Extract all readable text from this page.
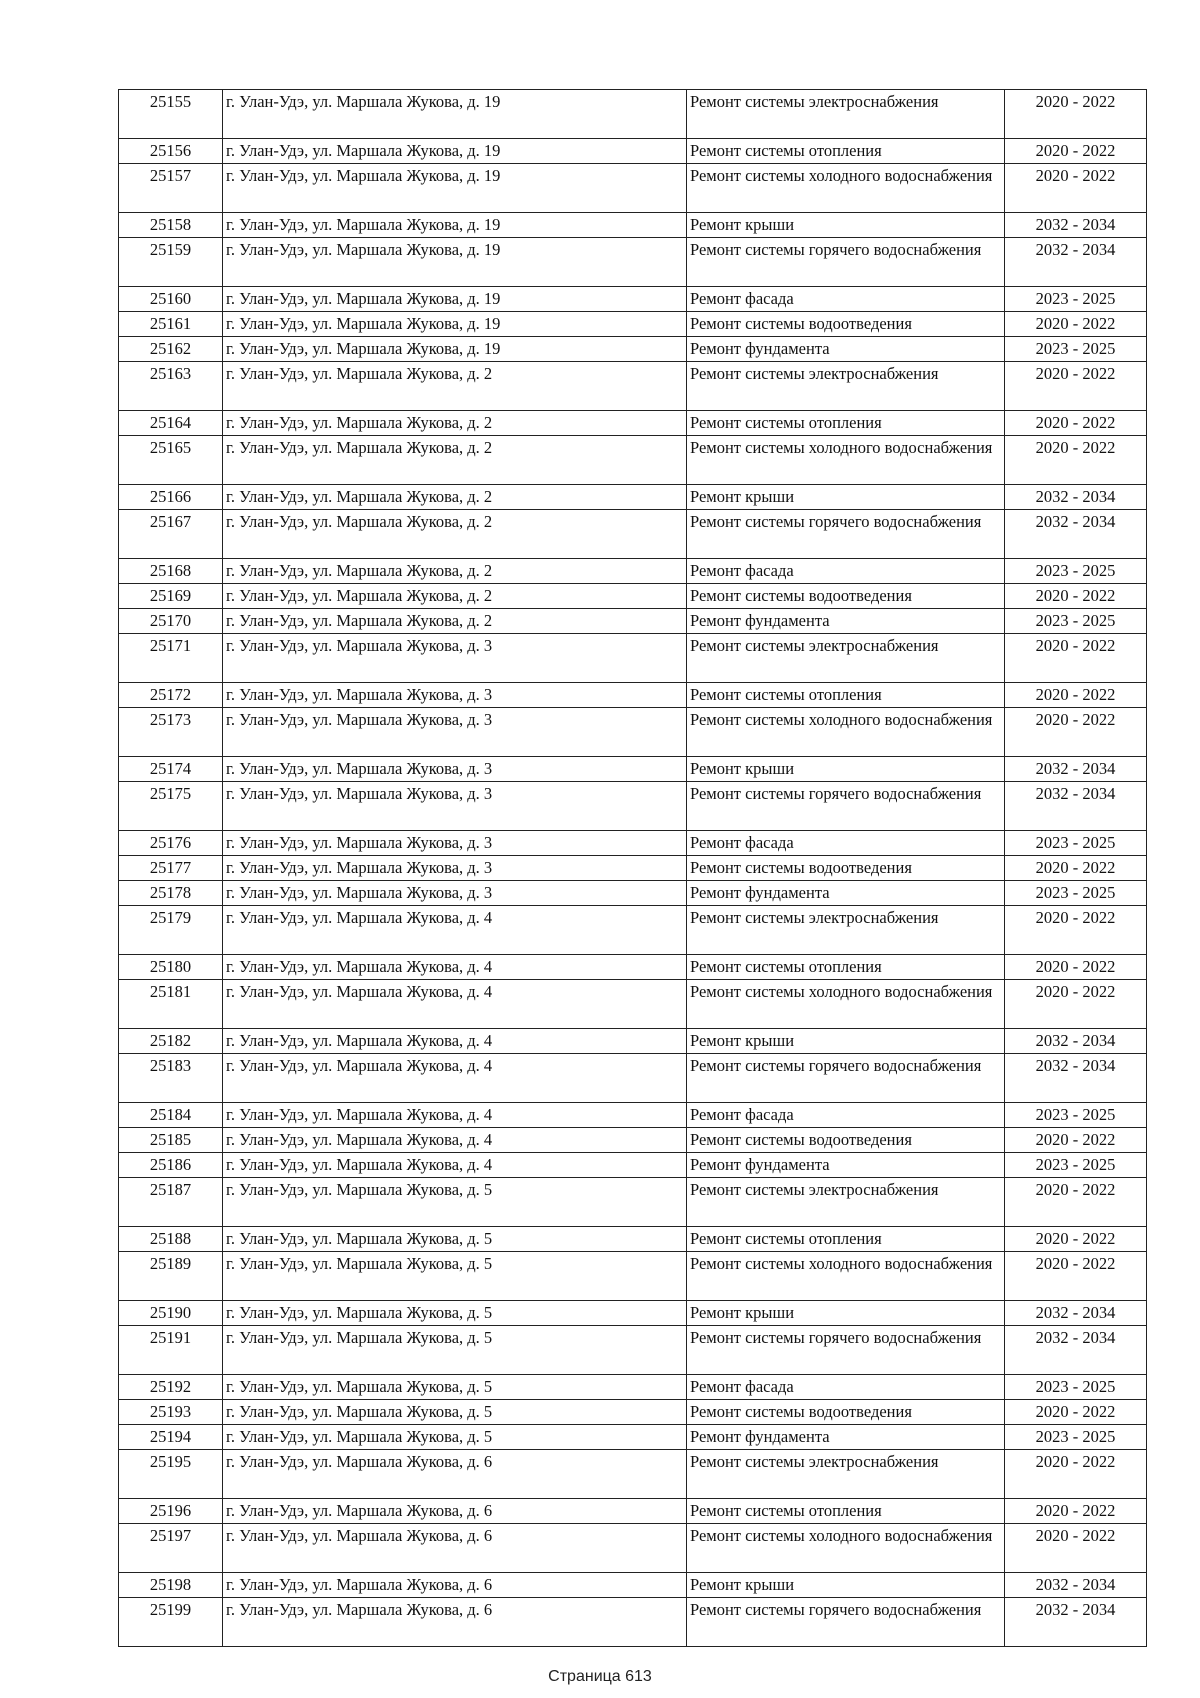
25155	г. Улан-Удэ, ул. Маршала Жукова, д. 19	Ремонт системы электроснабжения	2020 - 2022
25156	г. Улан-Удэ, ул. Маршала Жукова, д. 19	Ремонт системы отопления	2020 - 2022
25157	г. Улан-Удэ, ул. Маршала Жукова, д. 19	Ремонт системы холодного водоснабжения	2020 - 2022
25158	г. Улан-Удэ, ул. Маршала Жукова, д. 19	Ремонт крыши	2032 - 2034
25159	г. Улан-Удэ, ул. Маршала Жукова, д. 19	Ремонт системы горячего водоснабжения	2032 - 2034
25160	г. Улан-Удэ, ул. Маршала Жукова, д. 19	Ремонт фасада	2023 - 2025
25161	г. Улан-Удэ, ул. Маршала Жукова, д. 19	Ремонт системы водоотведения	2020 - 2022
25162	г. Улан-Удэ, ул. Маршала Жукова, д. 19	Ремонт фундамента	2023 - 2025
25163	г. Улан-Удэ, ул. Маршала Жукова, д. 2	Ремонт системы электроснабжения	2020 - 2022
25164	г. Улан-Удэ, ул. Маршала Жукова, д. 2	Ремонт системы отопления	2020 - 2022
25165	г. Улан-Удэ, ул. Маршала Жукова, д. 2	Ремонт системы холодного водоснабжения	2020 - 2022
25166	г. Улан-Удэ, ул. Маршала Жукова, д. 2	Ремонт крыши	2032 - 2034
25167	г. Улан-Удэ, ул. Маршала Жукова, д. 2	Ремонт системы горячего водоснабжения	2032 - 2034
25168	г. Улан-Удэ, ул. Маршала Жукова, д. 2	Ремонт фасада	2023 - 2025
25169	г. Улан-Удэ, ул. Маршала Жукова, д. 2	Ремонт системы водоотведения	2020 - 2022
25170	г. Улан-Удэ, ул. Маршала Жукова, д. 2	Ремонт фундамента	2023 - 2025
25171	г. Улан-Удэ, ул. Маршала Жукова, д. 3	Ремонт системы электроснабжения	2020 - 2022
25172	г. Улан-Удэ, ул. Маршала Жукова, д. 3	Ремонт системы отопления	2020 - 2022
25173	г. Улан-Удэ, ул. Маршала Жукова, д. 3	Ремонт системы холодного водоснабжения	2020 - 2022
25174	г. Улан-Удэ, ул. Маршала Жукова, д. 3	Ремонт крыши	2032 - 2034
25175	г. Улан-Удэ, ул. Маршала Жукова, д. 3	Ремонт системы горячего водоснабжения	2032 - 2034
25176	г. Улан-Удэ, ул. Маршала Жукова, д. 3	Ремонт фасада	2023 - 2025
25177	г. Улан-Удэ, ул. Маршала Жукова, д. 3	Ремонт системы водоотведения	2020 - 2022
25178	г. Улан-Удэ, ул. Маршала Жукова, д. 3	Ремонт фундамента	2023 - 2025
25179	г. Улан-Удэ, ул. Маршала Жукова, д. 4	Ремонт системы электроснабжения	2020 - 2022
25180	г. Улан-Удэ, ул. Маршала Жукова, д. 4	Ремонт системы отопления	2020 - 2022
25181	г. Улан-Удэ, ул. Маршала Жукова, д. 4	Ремонт системы холодного водоснабжения	2020 - 2022
25182	г. Улан-Удэ, ул. Маршала Жукова, д. 4	Ремонт крыши	2032 - 2034
25183	г. Улан-Удэ, ул. Маршала Жукова, д. 4	Ремонт системы горячего водоснабжения	2032 - 2034
25184	г. Улан-Удэ, ул. Маршала Жукова, д. 4	Ремонт фасада	2023 - 2025
25185	г. Улан-Удэ, ул. Маршала Жукова, д. 4	Ремонт системы водоотведения	2020 - 2022
25186	г. Улан-Удэ, ул. Маршала Жукова, д. 4	Ремонт фундамента	2023 - 2025
25187	г. Улан-Удэ, ул. Маршала Жукова, д. 5	Ремонт системы электроснабжения	2020 - 2022
25188	г. Улан-Удэ, ул. Маршала Жукова, д. 5	Ремонт системы отопления	2020 - 2022
25189	г. Улан-Удэ, ул. Маршала Жукова, д. 5	Ремонт системы холодного водоснабжения	2020 - 2022
25190	г. Улан-Удэ, ул. Маршала Жукова, д. 5	Ремонт крыши	2032 - 2034
25191	г. Улан-Удэ, ул. Маршала Жукова, д. 5	Ремонт системы горячего водоснабжения	2032 - 2034
25192	г. Улан-Удэ, ул. Маршала Жукова, д. 5	Ремонт фасада	2023 - 2025
25193	г. Улан-Удэ, ул. Маршала Жукова, д. 5	Ремонт системы водоотведения	2020 - 2022
25194	г. Улан-Удэ, ул. Маршала Жукова, д. 5	Ремонт фундамента	2023 - 2025
25195	г. Улан-Удэ, ул. Маршала Жукова, д. 6	Ремонт системы электроснабжения	2020 - 2022
25196	г. Улан-Удэ, ул. Маршала Жукова, д. 6	Ремонт системы отопления	2020 - 2022
25197	г. Улан-Удэ, ул. Маршала Жукова, д. 6	Ремонт системы холодного водоснабжения	2020 - 2022
25198	г. Улан-Удэ, ул. Маршала Жукова, д. 6	Ремонт крыши	2032 - 2034
25199	г. Улан-Удэ, ул. Маршала Жукова, д. 6	Ремонт системы горячего водоснабжения	2032 - 2034
Страница 613
